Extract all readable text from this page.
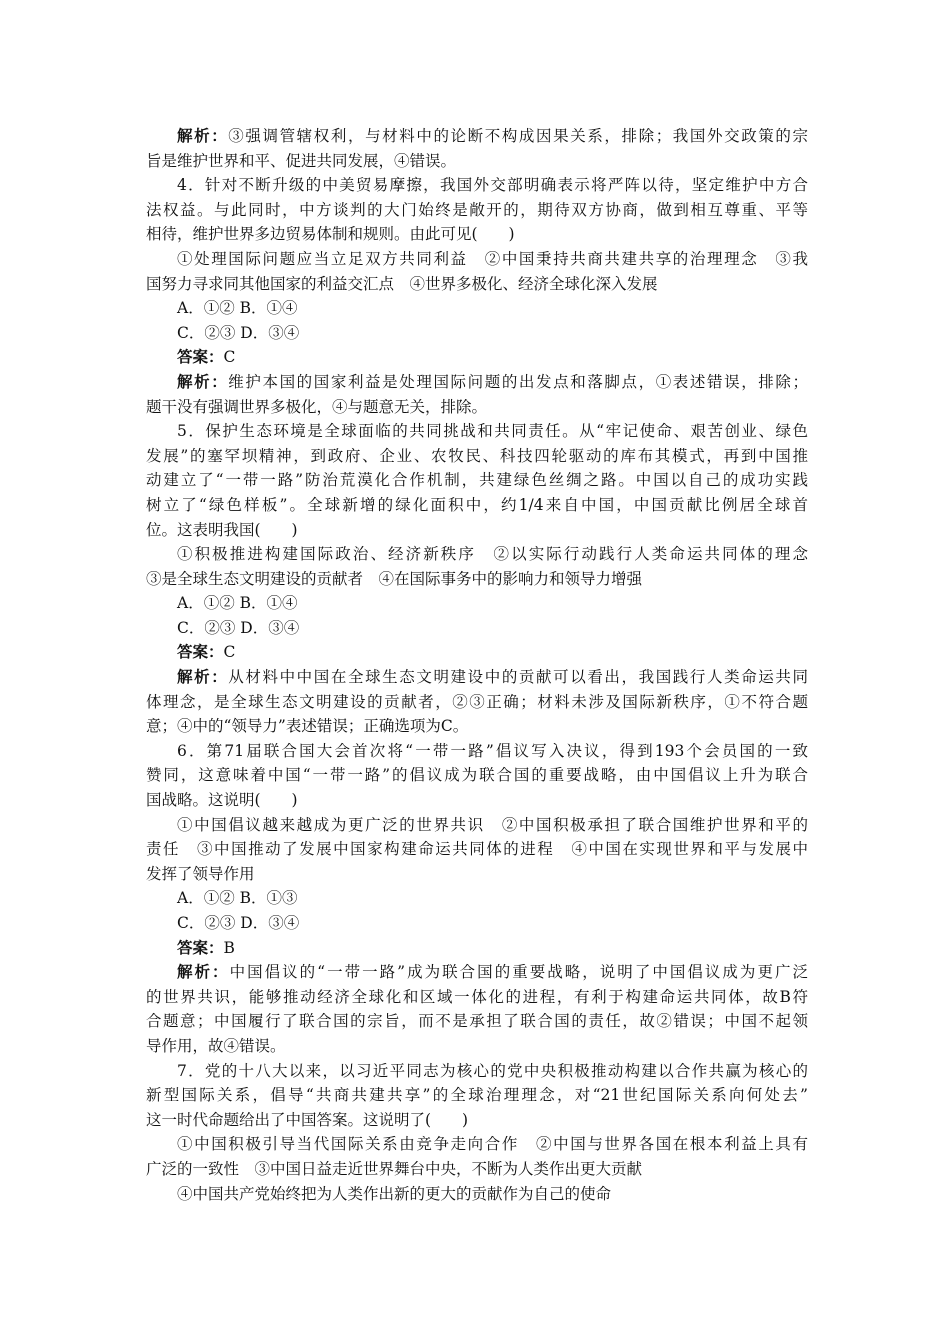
解析：③强调管辖权利，与材料中的论断不构成因果关系，排除；我国外交政策的宗
旨是维护世界和平、促进共同发展，④错误。
4．针对不断升级的中美贸易摩擦，我国外交部明确表示将严阵以待，坚定维护中方合
法权益。与此同时，中方谈判的大门始终是敞开的，期待双方协商，做到相互尊重、平等
相待，维护世界多边贸易体制和规则。由此可见(　　)
①处理国际问题应当立足双方共同利益　②中国秉持共商共建共享的治理理念　③我
国努力寻求同其他国家的利益交汇点　④世界多极化、经济全球化深入发展
A．①② B．①④
C．②③ D．③④
答案：C
解析：维护本国的国家利益是处理国际问题的出发点和落脚点，①表述错误，排除；
题干没有强调世界多极化，④与题意无关，排除。
5．保护生态环境是全球面临的共同挑战和共同责任。从“牢记使命、艰苦创业、绿色
发展”的塞罕坝精神，到政府、企业、农牧民、科技四轮驱动的库布其模式，再到中国推
动建立了“一带一路”防治荒漠化合作机制，共建绿色丝绸之路。中国以自己的成功实践
树立了“绿色样板”。全球新增的绿化面积中，约1/4来自中国，中国贡献比例居全球首
位。这表明我国(　　)
①积极推进构建国际政治、经济新秩序　②以实际行动践行人类命运共同体的理念
③是全球生态文明建设的贡献者　④在国际事务中的影响力和领导力增强
A．①② B．①④
C．②③ D．③④
答案：C
解析：从材料中中国在全球生态文明建设中的贡献可以看出，我国践行人类命运共同
体理念，是全球生态文明建设的贡献者，②③正确；材料未涉及国际新秩序，①不符合题
意；④中的“领导力”表述错误；正确选项为C。
6．第71届联合国大会首次将“一带一路”倡议写入决议，得到193个会员国的一致
赞同，这意味着中国“一带一路”的倡议成为联合国的重要战略，由中国倡议上升为联合
国战略。这说明(　　)
①中国倡议越来越成为更广泛的世界共识　②中国积极承担了联合国维护世界和平的
责任　③中国推动了发展中国家构建命运共同体的进程　④中国在实现世界和平与发展中
发挥了领导作用
A．①② B．①③
C．②③ D．③④
答案：B
解析：中国倡议的“一带一路”成为联合国的重要战略，说明了中国倡议成为更广泛
的世界共识，能够推动经济全球化和区域一体化的进程，有利于构建命运共同体，故B符
合题意；中国履行了联合国的宗旨，而不是承担了联合国的责任，故②错误；中国不起领
导作用，故④错误。
7．党的十八大以来，以习近平同志为核心的党中央积极推动构建以合作共赢为核心的
新型国际关系，倡导“共商共建共享”的全球治理理念，对“21世纪国际关系向何处去”
这一时代命题给出了中国答案。这说明了(　　)
①中国积极引导当代国际关系由竞争走向合作　②中国与世界各国在根本利益上具有
广泛的一致性　③中国日益走近世界舞台中央，不断为人类作出更大贡献
④中国共产党始终把为人类作出新的更大的贡献作为自己的使命
